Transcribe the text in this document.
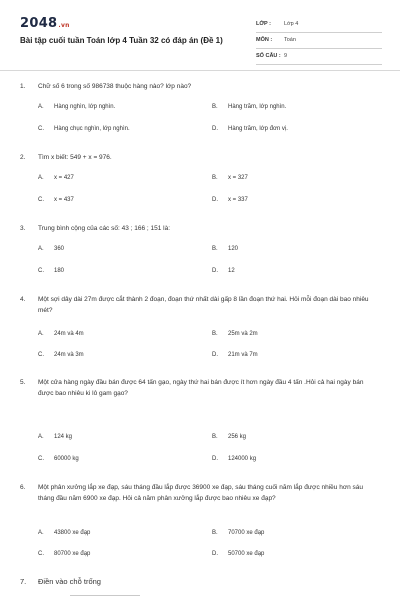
2048.vn
Bài tập cuối tuần Toán lớp 4 Tuần 32 có đáp án (Đề 1)
LỚP : Lớp 4
MÔN : Toán
SỐ CÂU : 9
1. Chữ số 6 trong số 986738 thuộc hàng nào? lớp nào?
A. Hàng nghìn, lớp nghìn.	B. Hàng trăm, lớp nghìn.
C. Hàng chục nghìn, lớp nghìn.	D. Hàng trăm, lớp đơn vị.
2. Tìm x biết: 549 + x = 976.
A. x = 427	B. x = 327
C. x = 437	D. x = 337
3. Trung bình cộng của các số: 43 ; 166 ; 151 là:
A. 360	B. 120
C. 180	D. 12
4. Một sợi dây dài 27m được cắt thành 2 đoạn, đoạn thứ nhất dài gấp 8 lần đoạn thứ hai. Hỏi mỗi đoạn dài bao nhiêu mét?
A. 24m và 4m	B. 25m và 2m
C. 24m và 3m	D. 21m và 7m
5. Một cửa hàng ngày đầu bán được 64 tấn gạo, ngày thứ hai bán được ít hơn ngày đầu 4 tấn .Hỏi cả hai ngày bán được bao nhiêu ki lô gam gạo?
A. 124 kg	B. 256 kg
C. 60000 kg	D. 124000 kg
6. Một phân xưởng lắp xe đạp, sáu tháng đầu lắp được 36900 xe đạp, sáu tháng cuối năm lắp được nhiều hơn sáu tháng đầu năm 6900 xe đạp. Hỏi cả năm phân xưởng lắp được bao nhiêu xe đạp?
A. 43800 xe đạp	B. 70700 xe đạp
C. 80700 xe đạp	D. 50700 xe đạp
7. Điền vào chỗ trống
